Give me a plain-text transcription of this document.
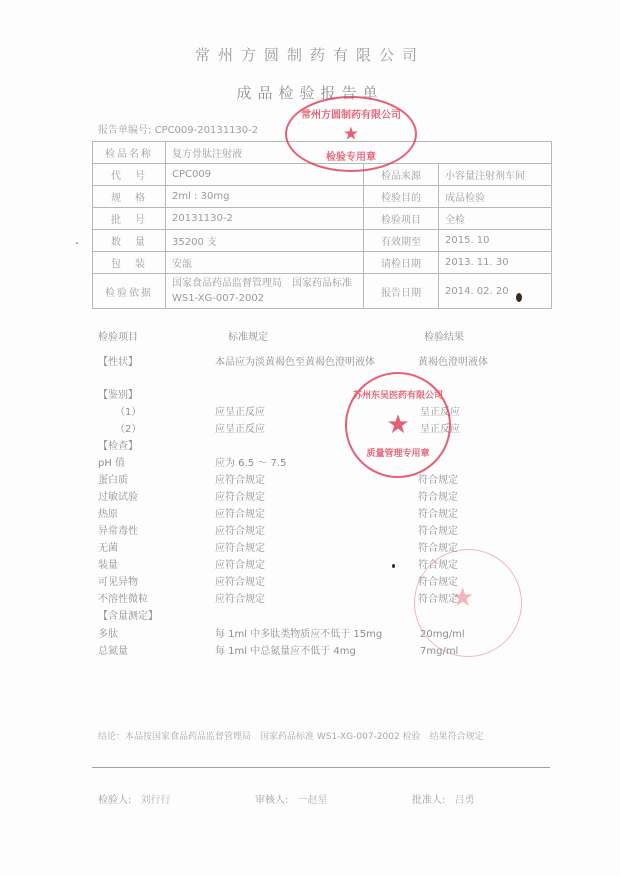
常州方圆制药有限公司
成品检验报告单
报告单编号: CPC009-20131130-2
检品名称	复方骨肽注射液		
代　号	CPC009	检品来源	小容量注射剂车间
规　格	2ml : 30mg	检验目的	成品检验
批　号	20131130-2	检验项目	全检
数　量	35200 支	有效期至	2015. 10
包　装	安瓿	请检日期	2013. 11. 30
检验依据	国家食品药品监督管理局　国家药品标准
WS1-XG-007-2002	报告日期	2014. 02. 20
检验项目	标准规定	检验结果
【性状】	本品应为淡黄褐色至黄褐色澄明液体	黄褐色澄明液体
【鉴别】
（1）	应呈正反应	呈正反应
（2）	应呈正反应	呈正反应
【检查】
pH 值	应为 6.5 ～ 7.5
蛋白质	应符合规定	符合规定
过敏试验	应符合规定	符合规定
热原	应符合规定	符合规定
异常毒性	应符合规定	符合规定
无菌	应符合规定	符合规定
装量	应符合规定	符合规定
可见异物	应符合规定	符合规定
不溶性微粒	应符合规定	符合规定
【含量测定】
多肽	每 1ml 中多肽类物质应不低于 15mg	20mg/ml
总氮量	每 1ml 中总氮量应不低于 4mg	7mg/ml
结论：本品按国家食品药品监督管理局　国家药品标准 WS1-XG-007-2002 检验　结果符合规定
检验人: 刘行行	审核人: 一赵星	批准人: 吕勇
常州方圆制药有限公司
★
检验专用章
苏州东吴医药有限公司
★
质量管理专用章
★
